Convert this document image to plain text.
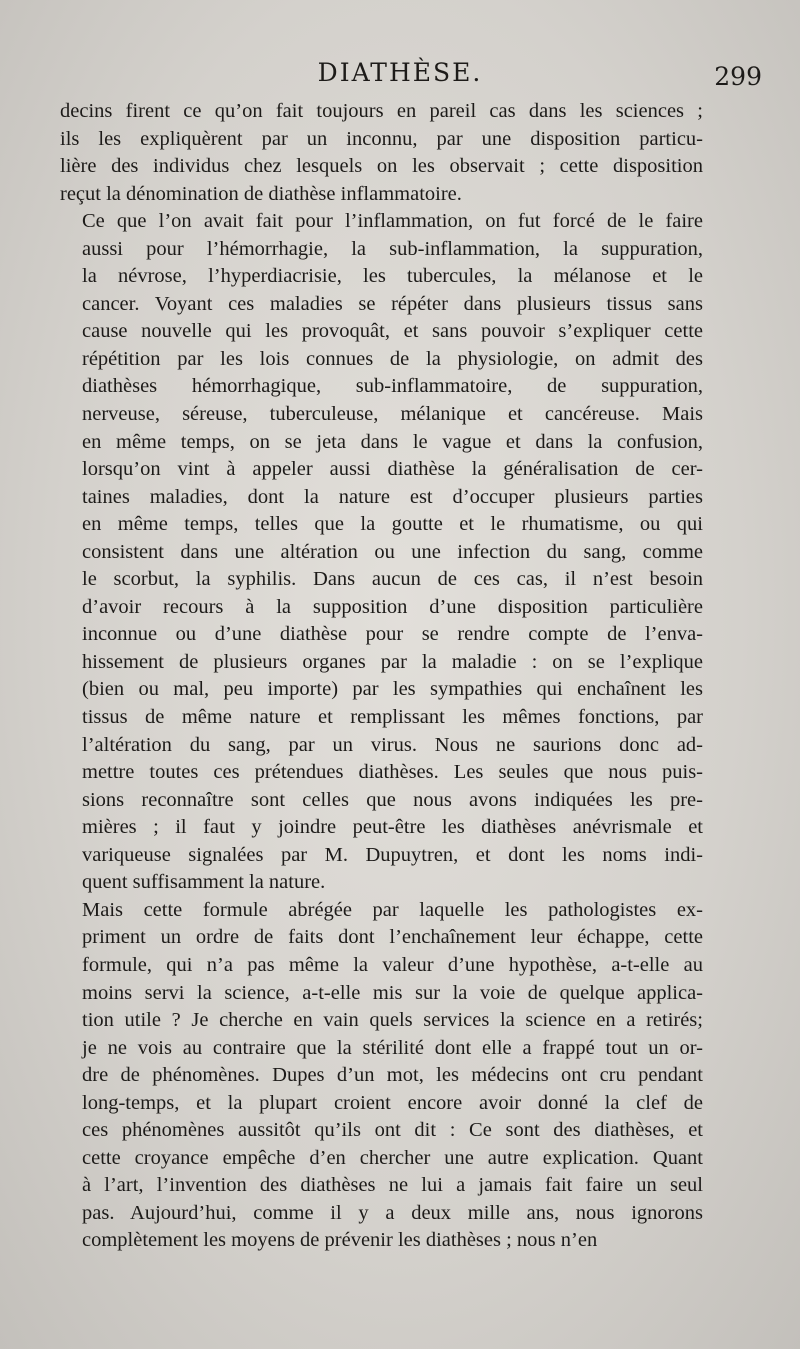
DIATHÈSE.	299
decins firent ce qu’on fait toujours en pareil cas dans les sciences ;
ils les expliquèrent par un inconnu, par une disposition particu-
lière des individus chez lesquels on les observait ; cette disposition
reçut la dénomination de diathèse inflammatoire.
Ce que l’on avait fait pour l’inflammation, on fut forcé de le faire
aussi pour l’hémorrhagie, la sub-inflammation, la suppuration,
la névrose, l’hyperdiacrisie, les tubercules, la mélanose et le
cancer. Voyant ces maladies se répéter dans plusieurs tissus sans
cause nouvelle qui les provoquât, et sans pouvoir s’expliquer cette
répétition par les lois connues de la physiologie, on admit des
diathèses hémorrhagique, sub-inflammatoire, de suppuration,
nerveuse, séreuse, tuberculeuse, mélanique et cancéreuse. Mais
en même temps, on se jeta dans le vague et dans la confusion,
lorsqu’on vint à appeler aussi diathèse la généralisation de cer-
taines maladies, dont la nature est d’occuper plusieurs parties
en même temps, telles que la goutte et le rhumatisme, ou qui
consistent dans une altération ou une infection du sang, comme
le scorbut, la syphilis. Dans aucun de ces cas, il n’est besoin
d’avoir recours à la supposition d’une disposition particulière
inconnue ou d’une diathèse pour se rendre compte de l’enva-
hissement de plusieurs organes par la maladie : on se l’explique
(bien ou mal, peu importe) par les sympathies qui enchaînent les
tissus de même nature et remplissant les mêmes fonctions, par
l’altération du sang, par un virus. Nous ne saurions donc ad-
mettre toutes ces prétendues diathèses. Les seules que nous puis-
sions reconnaître sont celles que nous avons indiquées les pre-
mières ; il faut y joindre peut-être les diathèses anévrismale et
variqueuse signalées par M. Dupuytren, et dont les noms indi-
quent suffisamment la nature.
Mais cette formule abrégée par laquelle les pathologistes ex-
priment un ordre de faits dont l’enchaînement leur échappe, cette
formule, qui n’a pas même la valeur d’une hypothèse, a-t-elle au
moins servi la science, a-t-elle mis sur la voie de quelque applica-
tion utile ? Je cherche en vain quels services la science en a retirés;
je ne vois au contraire que la stérilité dont elle a frappé tout un or-
dre de phénomènes. Dupes d’un mot, les médecins ont cru pendant
long-temps, et la plupart croient encore avoir donné la clef de
ces phénomènes aussitôt qu’ils ont dit : Ce sont des diathèses, et
cette croyance empêche d’en chercher une autre explication. Quant
à l’art, l’invention des diathèses ne lui a jamais fait faire un seul
pas. Aujourd’hui, comme il y a deux mille ans, nous ignorons
complètement les moyens de prévenir les diathèses ; nous n’en
